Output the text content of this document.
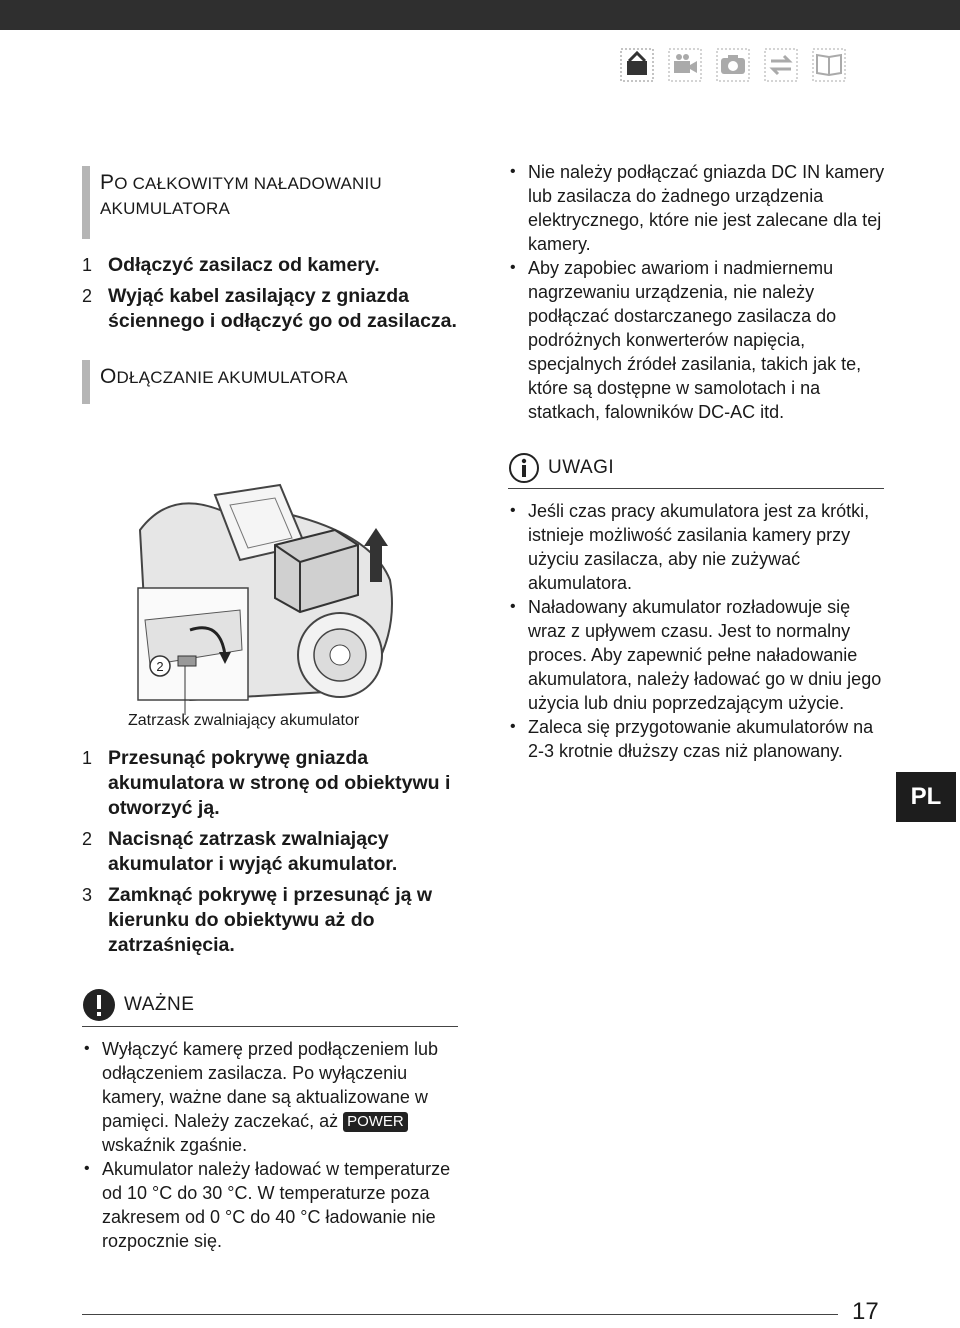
PO CAŁKOWITYM NAŁADOWANIU
AKUMULATORA
1 Odłączyć zasilacz od kamery.
2 Wyjąć kabel zasilający z gniazda ściennego i odłączyć go od zasilacza.
ODŁĄCZANIE AKUMULATORA
2
Zatrzask zwalniający akumulator
1 Przesunąć pokrywę gniazda akumulatora w stronę od obiektywu i otworzyć ją.
2 Nacisnąć zatrzask zwalniający akumulator i wyjąć akumulator.
3 Zamknąć pokrywę i przesunąć ją w kierunku do obiektywu aż do zatrzaśnięcia.
WAŻNE
• Wyłączyć kamerę przed podłączeniem lub odłączeniem zasilacza. Po wyłączeniu kamery, ważne dane są aktualizowane w pamięci. Należy zaczekać, aż POWER wskaźnik zgaśnie.
• Akumulator należy ładować w temperaturze od 10 °C do 30 °C. W temperaturze poza zakresem od 0 °C do 40 °C ładowanie nie rozpocznie się.
• Nie należy podłączać gniazda DC IN kamery lub zasilacza do żadnego urządzenia elektrycznego, które nie jest zalecane dla tej kamery.
• Aby zapobiec awariom i nadmiernemu nagrzewaniu urządzenia, nie należy podłączać dostarczanego zasilacza do podróżnych konwerterów napięcia, specjalnych źródeł zasilania, takich jak te, które są dostępne w samolotach i na statkach, falowników DC-AC itd.
UWAGI
• Jeśli czas pracy akumulatora jest za krótki, istnieje możliwość zasilania kamery przy użyciu zasilacza, aby nie zużywać akumulatora.
• Naładowany akumulator rozładowuje się wraz z upływem czasu. Jest to normalny proces. Aby zapewnić pełne naładowanie akumulatora, należy ładować go w dniu jego użycia lub dniu poprzedzającym użycie.
• Zaleca się przygotowanie akumulatorów na 2-3 krotnie dłuższy czas niż planowany.
PL
17
